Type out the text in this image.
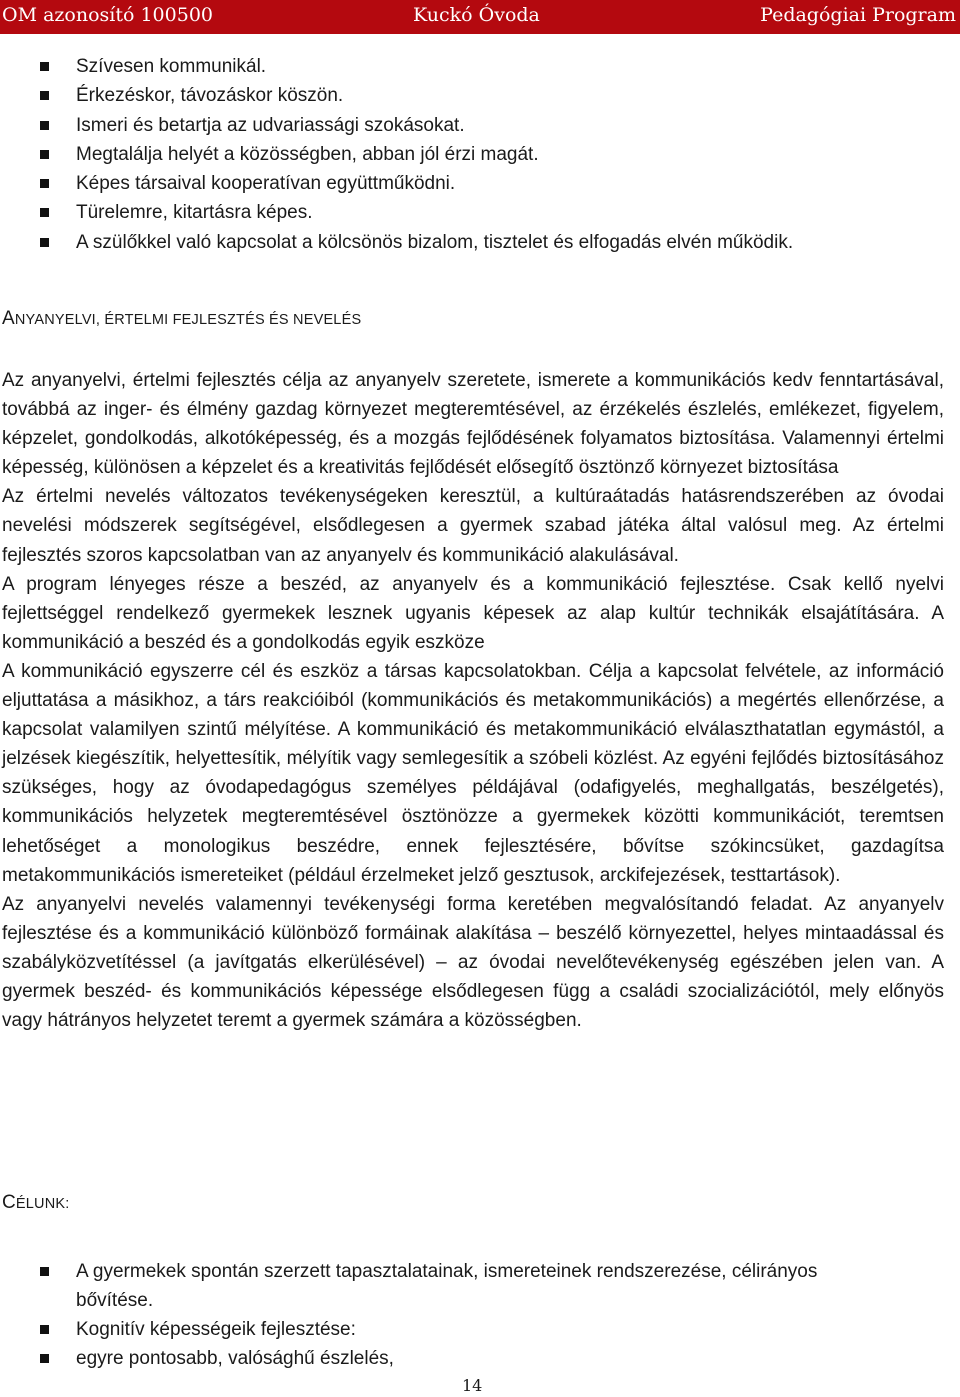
OM azonosító 100500	Kuckó Óvoda	Pedagógiai Program
Szívesen kommunikál.
Érkezéskor, távozáskor köszön.
Ismeri és betartja az udvariassági szokásokat.
Megtalálja helyét a közösségben, abban jól érzi magát.
Képes társaival kooperatívan együttműködni.
Türelemre, kitartásra képes.
A szülőkkel való kapcsolat a kölcsönös bizalom, tisztelet és elfogadás elvén működik.
ANYANYELVI, ÉRTELMI FEJLESZTÉS ÉS NEVELÉS

Az anyanyelvi, értelmi fejlesztés célja az anyanyelv szeretete, ismerete a kommunikációs kedv fenntartásával, továbbá az inger- és élmény gazdag környezet megteremtésével, az érzékelés észlelés, emlékezet, figyelem, képzelet, gondolkodás, alkotóképesség, és a mozgás fejlődésének folyamatos biztosítása. Valamennyi értelmi képesség, különösen a képzelet és a kreativitás fejlődését elősegítő ösztönző környezet biztosítása

Az értelmi nevelés változatos tevékenységeken keresztül, a kultúraátadás hatásrendszerében az óvodai nevelési módszerek segítségével, elsődlegesen a gyermek szabad játéka által valósul meg. Az értelmi fejlesztés szoros kapcsolatban van az anyanyelv és kommunikáció alakulásával.

A program lényeges része a beszéd, az anyanyelv és a kommunikáció fejlesztése. Csak kellő nyelvi fejlettséggel rendelkező gyermekek lesznek ugyanis képesek az alap kultúr technikák elsajátítására. A kommunikáció a beszéd és a gondolkodás egyik eszköze

A kommunikáció egyszerre cél és eszköz a társas kapcsolatokban. Célja a kapcsolat felvétele, az információ eljuttatása a másikhoz, a társ reakcióiból (kommunikációs és metakommunikációs) a megértés ellenőrzése, a kapcsolat valamilyen szintű mélyítése. A kommunikáció és metakommunikáció elválaszthatatlan egymástól, a jelzések kiegészítik, helyettesítik, mélyítik vagy semlegesítik a szóbeli közlést. Az egyéni fejlődés biztosításához szükséges, hogy az óvodapedagógus személyes példájával (odafigyelés, meghallgatás, beszélgetés), kommunikációs helyzetek megteremtésével ösztönözze a gyermekek közötti kommunikációt, teremtsen lehetőséget a monologikus beszédre, ennek fejlesztésére, bővítse szókincsüket, gazdagítsa metakommunikációs ismereteiket (például érzelmeket jelző gesztusok, arckifejezések, testtartások).

Az anyanyelvi nevelés valamennyi tevékenységi forma keretében megvalósítandó feladat. Az anyanyelv fejlesztése és a kommunikáció különböző formáinak alakítása – beszélő környezettel, helyes mintaadással és szabályközvetítéssel (a javítgatás elkerülésével) – az óvodai nevelőtevékenység egészében jelen van. A gyermek beszéd- és kommunikációs képessége elsődlegesen függ a családi szocializációtól, mely előnyös vagy hátrányos helyzetet teremt a gyermek számára a közösségben.

CÉLUNK:
A gyermekek spontán szerzett tapasztalatainak, ismereteinek rendszerezése, célirányos bővítése.
Kognitív képességeik fejlesztése:
egyre pontosabb, valósághű észlelés,
14
